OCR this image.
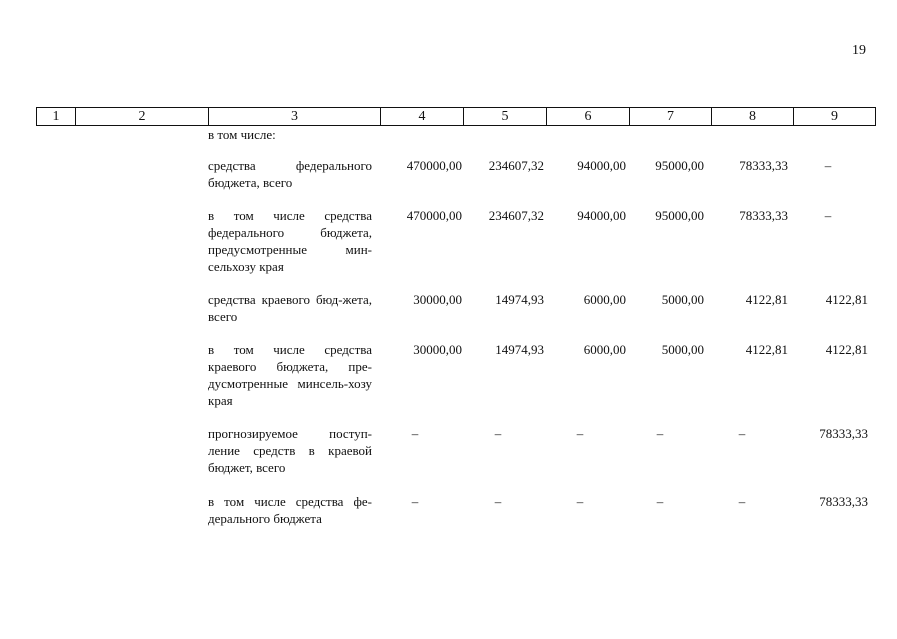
19
1	2	3	4	5	6	7	8	9
в том числе:
средства федерального бюджета, всего
470000,00	234607,32	94000,00	95000,00	78333,33	–
в том числе средства федерального бюджета, предусмотренные мин-сельхозу края
470000,00	234607,32	94000,00	95000,00	78333,33	–
средства краевого бюд-жета, всего
30000,00	14974,93	6000,00	5000,00	4122,81	4122,81
в том числе средства краевого бюджета, пре-дусмотренные минсель-хозу края
30000,00	14974,93	6000,00	5000,00	4122,81	4122,81
прогнозируемое поступ-ление средств в краевой бюджет, всего
–	–	–	–	–	78333,33
в том числе средства фе-дерального бюджета
–	–	–	–	–	78333,33
